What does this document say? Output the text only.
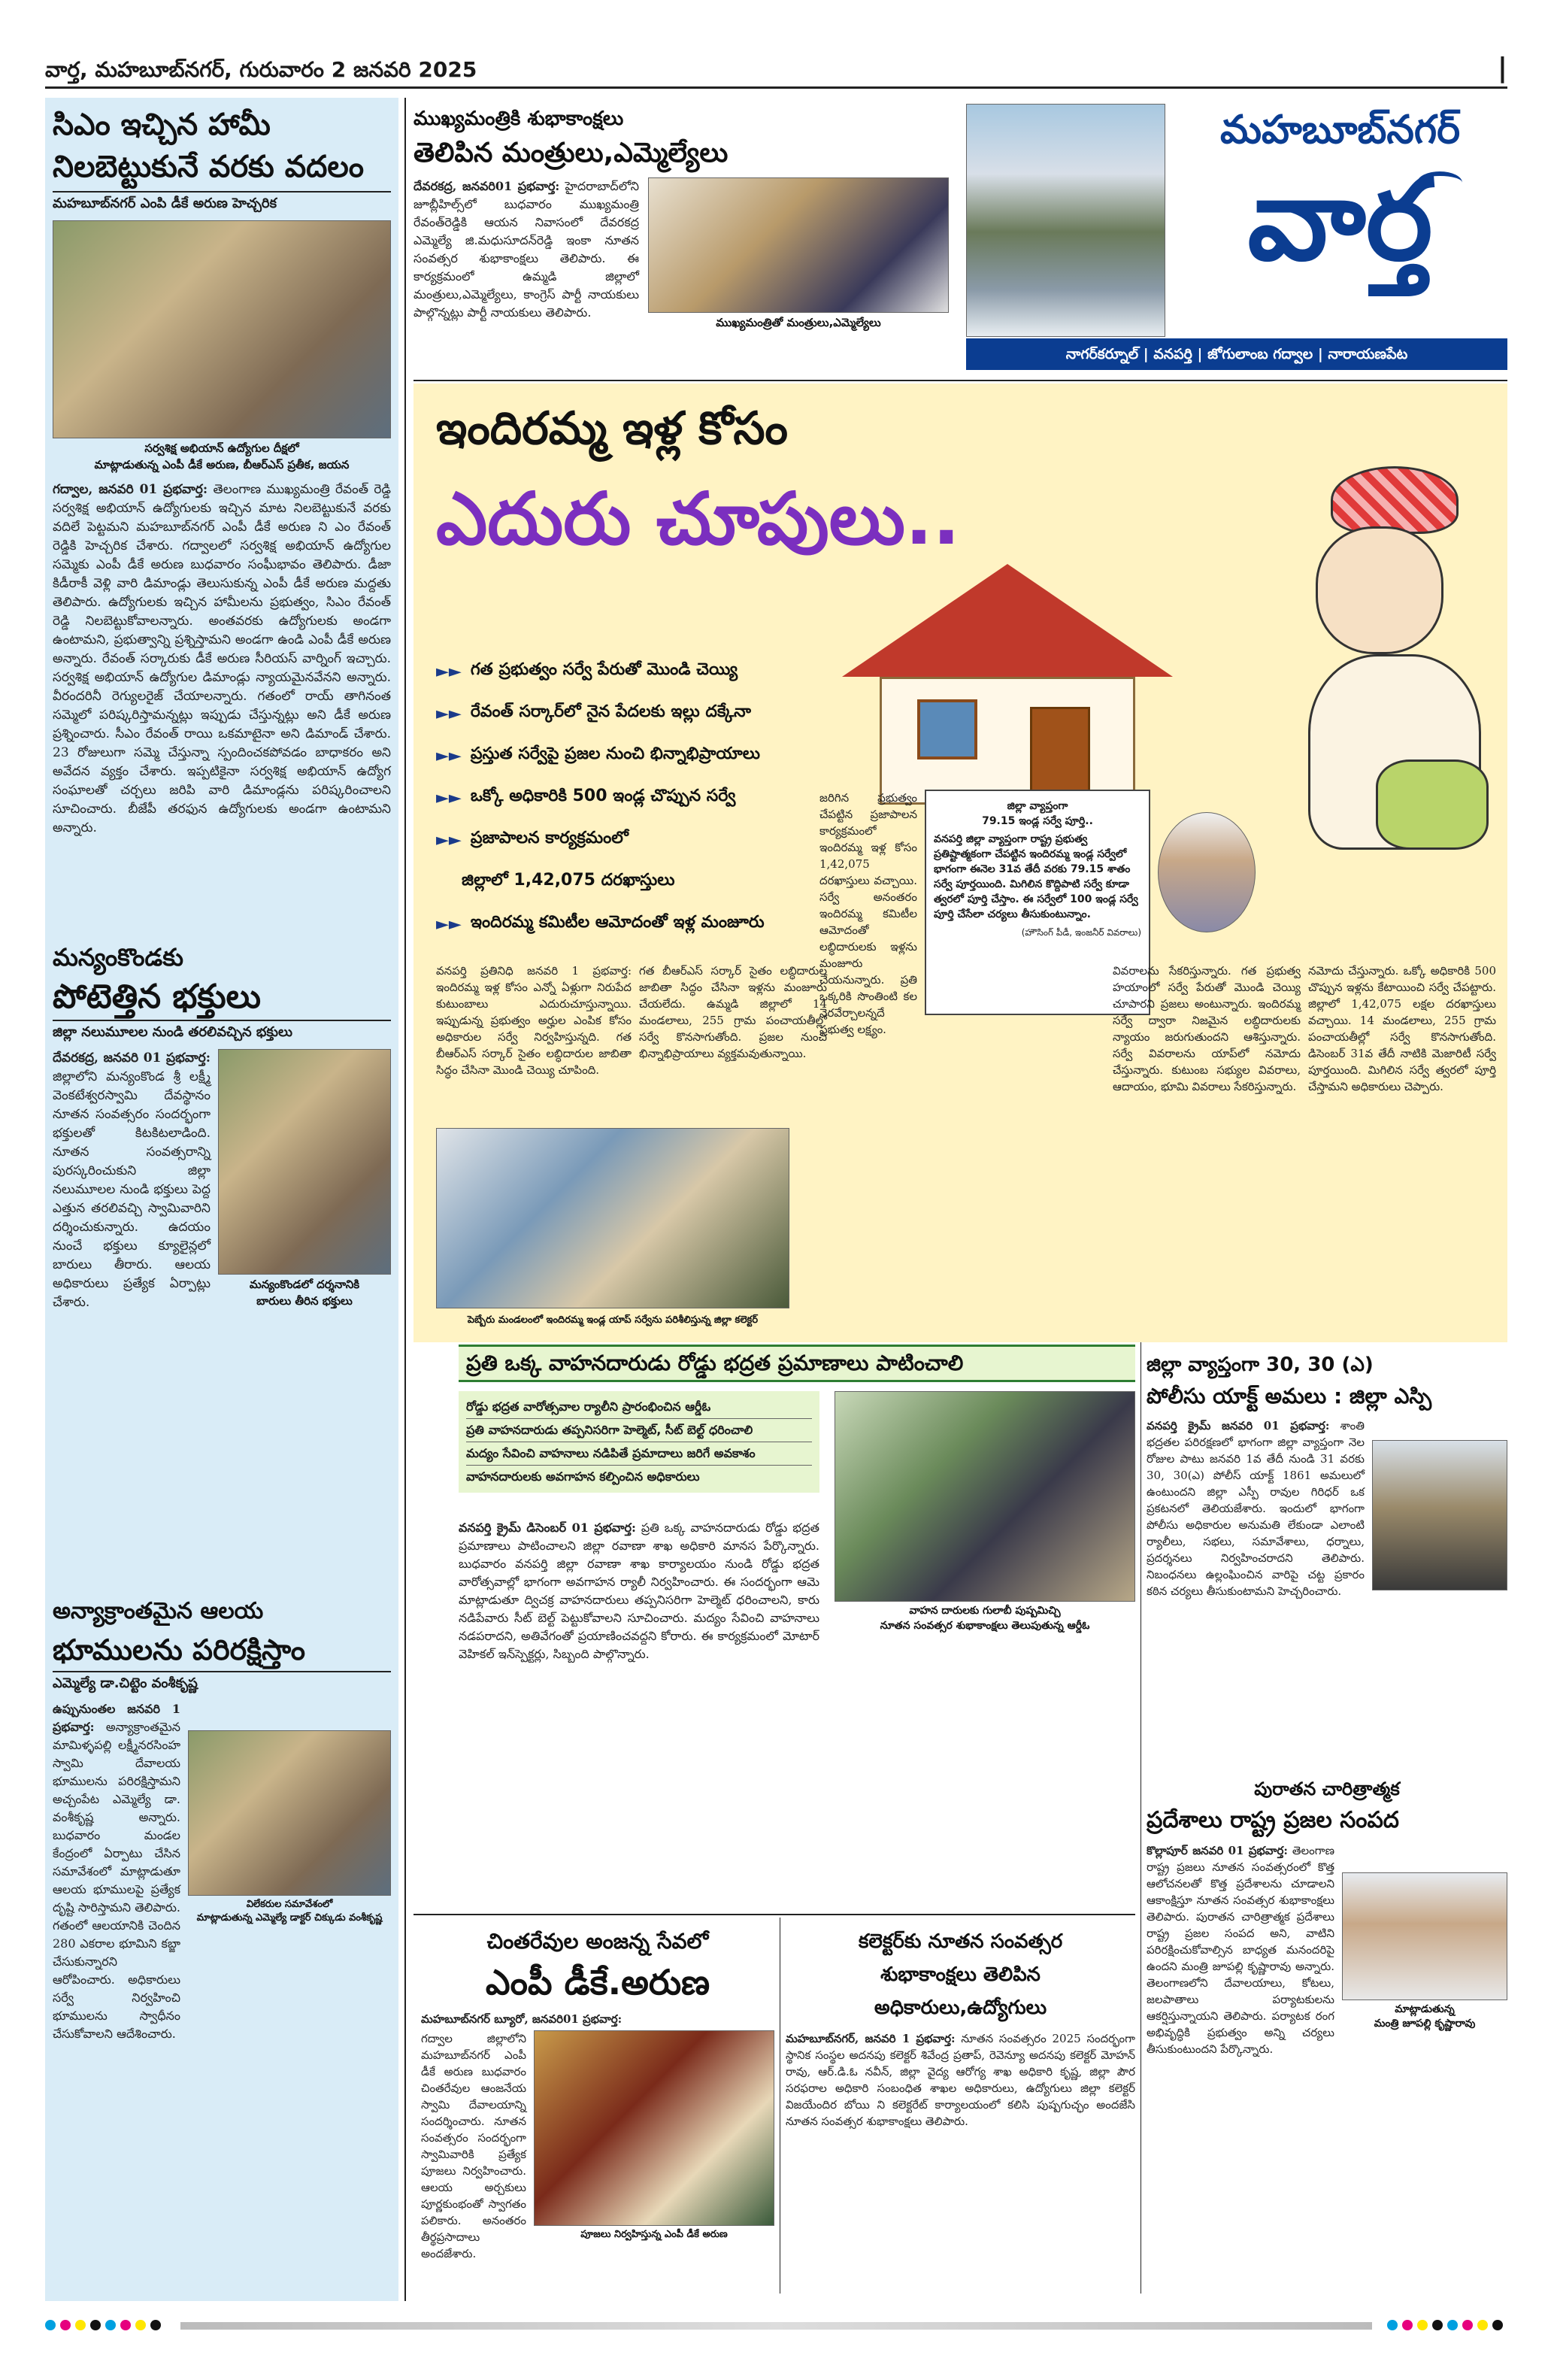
వార్త, మహబూబ్‌నగర్, గురువారం 2 జనవరి 2025	|
సిఎం ఇచ్చిన హామీ
నిలబెట్టుకునే వరకు వదలం
మహబూబ్‌నగర్ ఎంపి డీకే అరుణ హెచ్చరిక
సర్వశిక్ష అభియాన్ ఉద్యోగుల దీక్షలో
మాట్లాడుతున్న ఎంపీ డీకే అరుణ, బీఆర్‌ఎస్ ప్రతీక, జయన
గద్వాల, జనవరి 01 ప్రభవార్త: తెలంగాణ ముఖ్యమంత్రి రేవంత్ రెడ్డి సర్వశిక్ష అభియాన్ ఉద్యోగులకు ఇచ్చిన మాట నిలబెట్టుకునే వరకు వదిలే పెట్టమని మహబూబ్‌నగర్ ఎంపీ డీకే అరుణ ని ఎం రేవంత్ రెడ్డికి హెచ్చరిక చేశారు. గద్వాలలో సర్వశిక్ష అభియాన్ ఉద్యోగుల సమ్మెకు ఎంపీ డీకే అరుణ బుధవారం సంఘీభావం తెలిపారు. డీజా కిడీరాకీ వెళ్లి వారి డిమాండ్లు తెలుసుకున్న ఎంపీ డీకే అరుణ మద్దతు తెలిపారు. ఉద్యోగులకు ఇచ్చిన హామీలను ప్రభుత్వం, సిఎం రేవంత్ రెడ్డి నిలబెట్టుకోవాలన్నారు. అంతవరకు ఉద్యోగులకు అండగా ఉంటామని, ప్రభుత్వాన్ని ప్రశ్నిస్తామని అండగా ఉండి ఎంపీ డీకే అరుణ అన్నారు. రేవంత్ సర్కారుకు డీకే అరుణ సీరియస్ వార్నింగ్ ఇచ్చారు. సర్వశిక్ష అభియాన్ ఉద్యోగుల డిమాండ్లు న్యాయమైనవేనని అన్నారు. వీరందరినీ రెగ్యులరైజ్ చేయాలన్నారు. గతంలో రాయ్ తాగినంత సమ్మెలో పరిష్కరిస్తామన్నట్లు ఇప్పుడు చేస్తున్నట్లు అని డీకే అరుణ ప్రశ్నించారు. సీఎం రేవంత్ రాయి ఒకమాటైనా అని డిమాండ్ చేశారు. 23 రోజులుగా సమ్మె చేస్తున్నా స్పందించకపోవడం బాధాకరం అని అవేదన వ్యక్తం చేశారు. ఇప్పటికైనా సర్వశిక్ష అభియాన్ ఉద్యోగ సంఘాలతో చర్చలు జరిపి వారి డిమాండ్లను పరిష్కరించాలని సూచించారు. బీజేపీ తరఫున ఉద్యోగులకు అండగా ఉంటామని అన్నారు.
మన్యంకొండకు
పోటెత్తిన భక్తులు
జిల్లా నలుమూలల నుండి తరలివచ్చిన భక్తులు
దేవరకద్ర, జనవరి 01 ప్రభవార్త: జిల్లాలోని మన్యంకొండ శ్రీ లక్ష్మీ వెంకటేశ్వరస్వామి దేవస్థానం నూతన సంవత్సరం సందర్భంగా భక్తులతో కిటకిటలాడింది. నూతన సంవత్సరాన్ని పురస్కరించుకుని జిల్లా నలుమూలల నుండి భక్తులు పెద్ద ఎత్తున తరలివచ్చి స్వామివారిని దర్శించుకున్నారు. ఉదయం నుంచే భక్తులు క్యూలైన్లలో బారులు తీరారు. ఆలయ అధికారులు ప్రత్యేక ఏర్పాట్లు చేశారు.
మన్యంకొండలో దర్శనానికి
బారులు తీరిన భక్తులు
అన్యాక్రాంతమైన ఆలయ
భూములను పరిరక్షిస్తాం
ఎమ్మెల్యే డా.చిట్టెం వంశీకృష్ణ
ఉప్పునుంతల జనవరి 1 ప్రభవార్త: అన్యాక్రాంతమైన మామిళ్ళపల్లి లక్ష్మీనరసింహ స్వామి దేవాలయ భూములను పరిరక్షిస్తామని అచ్చంపేట ఎమ్మెల్యే డా. వంశీకృష్ణ అన్నారు. బుధవారం మండల కేంద్రంలో ఏర్పాటు చేసిన సమావేశంలో మాట్లాడుతూ ఆలయ భూములపై ప్రత్యేక దృష్టి సారిస్తామని తెలిపారు. గతంలో ఆలయానికి చెందిన 280 ఎకరాల భూమిని కబ్జా చేసుకున్నారని ఆరోపించారు. అధికారులు సర్వే నిర్వహించి భూములను స్వాధీనం చేసుకోవాలని ఆదేశించారు.
విలేకరుల సమావేశంలో
మాట్లాడుతున్న ఎమ్మెల్యే డాక్టర్ చిక్కుడు వంశీకృష్ణ
ముఖ్యమంత్రికి శుభాకాంక్షలు
తెలిపిన మంత్రులు,ఎమ్మెల్యేలు
దేవరకద్ర, జనవరి01 ప్రభవార్త: హైదరాబాద్‌లోని జూబ్లీహిల్స్‌లో బుధవారం ముఖ్యమంత్రి రేవంత్‌రెడ్డికి ఆయన నివాసంలో దేవరకద్ర ఎమ్మెల్యే జి.మధుసూదన్‌రెడ్డి ఇంకా నూతన సంవత్సర శుభాకాంక్షలు తెలిపారు. ఈ కార్యక్రమంలో ఉమ్మడి జిల్లాలో మంత్రులు,ఎమ్మెల్యేలు, కాంగ్రెస్ పార్టీ నాయకులు పాల్గొన్నట్లు పార్టీ నాయకులు తెలిపారు.
ముఖ్యమంత్రితో మంత్రులు,ఎమ్మెల్యేలు
మహబూబ్‌నగర్
వార్త
నాగర్‌కర్నూల్ | వనపర్తి | జోగులాంబ గద్వాల | నారాయణపేట
ఇందిరమ్మ ఇళ్ల కోసం
ఎదురు చూపులు..
►► గత ప్రభుత్వం సర్వే పేరుతో మొండి చెయ్యి
►► రేవంత్ సర్కార్‌లో నైన పేదలకు ఇల్లు దక్కేనా
►► ప్రస్తుత సర్వేపై ప్రజల నుంచి భిన్నాభిప్రాయాలు
►► ఒక్కో అధికారికి 500 ఇండ్ల చొప్పున సర్వే
►► ప్రజాపాలన కార్యక్రమంలో
జిల్లాలో 1,42,075 దరఖాస్తులు
►► ఇందిరమ్మ కమిటీల ఆమోదంతో ఇళ్ల మంజూరు
జిల్లా వ్యాప్తంగా
79.15 ఇండ్ల సర్వే పూర్తి..
వనపర్తి జిల్లా వ్యాప్తంగా రాష్ట్ర ప్రభుత్వ ప్రతిష్టాత్మకంగా చేపట్టిన ఇందిరమ్మ ఇండ్ల సర్వేలో భాగంగా ఈనెల 31వ తేదీ వరకు 79.15 శాతం సర్వే పూర్తయింది. మిగిలిన కొద్దిపాటి సర్వే కూడా త్వరలో పూర్తి చేస్తాం. ఈ సర్వేలో 100 ఇండ్ల సర్వే పూర్తి చేసేలా చర్యలు తీసుకుంటున్నాం.
(హౌసింగ్ పీడీ, ఇంజనీర్ వివరాలు)
జరిగిన ప్రభుత్వం చేపట్టిన ప్రజాపాలన కార్యక్రమంలో ఇందిరమ్మ ఇళ్ల కోసం 1,42,075 దరఖాస్తులు వచ్చాయి. సర్వే అనంతరం ఇందిరమ్మ కమిటీల ఆమోదంతో లబ్ధిదారులకు ఇళ్లను మంజూరు చేయనున్నారు. ప్రతి ఒక్కరికి సొంతింటి కల నెరవేర్చాలన్నదే ప్రభుత్వ లక్ష్యం.
వనపర్తి ప్రతినిధి జనవరి 1 ప్రభవార్త: ఇందిరమ్మ ఇళ్ల కోసం ఎన్నో ఏళ్లుగా నిరుపేద కుటుంబాలు ఎదురుచూస్తున్నాయి. ఇప్పుడున్న ప్రభుత్వం అర్హుల ఎంపిక కోసం అధికారుల సర్వే నిర్వహిస్తున్నది. గత బీఆర్‌ఎస్ సర్కార్ సైతం లబ్ధిదారుల జాబితా సిద్ధం చేసినా మొండి చెయ్యి చూపింది.
గత బీఆర్‌ఎస్ సర్కార్ సైతం లబ్ధిదారుల జాబితా సిద్ధం చేసినా ఇళ్లను మంజూరు చేయలేదు. ఉమ్మడి జిల్లాలో 14 మండలాలు, 255 గ్రామ పంచాయతీల్లో సర్వే కొనసాగుతోంది. ప్రజల నుంచి భిన్నాభిప్రాయాలు వ్యక్తమవుతున్నాయి.
వివరాలను సేకరిస్తున్నారు. గత ప్రభుత్వ హయాంలో సర్వే పేరుతో మొండి చెయ్యి చూపారని ప్రజలు అంటున్నారు. ఇందిరమ్మ సర్వే ద్వారా నిజమైన లబ్ధిదారులకు న్యాయం జరుగుతుందని ఆశిస్తున్నారు. సర్వే వివరాలను యాప్‌లో నమోదు చేస్తున్నారు. కుటుంబ సభ్యుల వివరాలు, ఆదాయం, భూమి వివరాలు సేకరిస్తున్నారు.
నమోదు చేస్తున్నారు. ఒక్కో అధికారికి 500 చొప్పున ఇళ్లను కేటాయించి సర్వే చేపట్టారు. జిల్లాలో 1,42,075 లక్షల దరఖాస్తులు వచ్చాయి. 14 మండలాలు, 255 గ్రామ పంచాయతీల్లో సర్వే కొనసాగుతోంది. డిసెంబర్ 31వ తేదీ నాటికి మెజారిటీ సర్వే పూర్తయింది. మిగిలిన సర్వే త్వరలో పూర్తి చేస్తామని అధికారులు చెప్పారు.
పెబ్బేరు మండలంలో ఇందిరమ్మ ఇండ్ల యాప్ సర్వేను పరిశీలిస్తున్న జిల్లా కలెక్టర్
ప్రతి ఒక్క వాహనదారుడు రోడ్డు భద్రత ప్రమాణాలు పాటించాలి
రోడ్డు భద్రత వారోత్సవాల ర్యాలీని ప్రారంభించిన ఆర్డీఓ
ప్రతి వాహనదారుడు తప్పనిసరిగా హెల్మెట్, సీట్ బెల్ట్ ధరించాలి
మద్యం సేవించి వాహనాలు నడిపితే ప్రమాదాలు జరిగే అవకాశం
వాహనదారులకు అవగాహన కల్పించిన అధికారులు
వాహన దారులకు గులాబీ పుష్పమిచ్చి
నూతన సంవత్సర శుభాకాంక్షలు తెలుపుతున్న ఆర్డీఓ
వనపర్తి క్రైమ్ డిసెంబర్ 01 ప్రభవార్త: ప్రతి ఒక్క వాహనదారుడు రోడ్డు భద్రత ప్రమాణాలు పాటించాలని జిల్లా రవాణా శాఖ అధికారి మానస పేర్కొన్నారు. బుధవారం వనపర్తి జిల్లా రవాణా శాఖ కార్యాలయం నుండి రోడ్డు భద్రత వారోత్సవాల్లో భాగంగా అవగాహన ర్యాలీ నిర్వహించారు. ఈ సందర్భంగా ఆమె మాట్లాడుతూ ద్విచక్ర వాహనదారులు తప్పనిసరిగా హెల్మెట్ ధరించాలని, కారు నడిపేవారు సీట్ బెల్ట్ పెట్టుకోవాలని సూచించారు. మద్యం సేవించి వాహనాలు నడపరాదని, అతివేగంతో ప్రయాణించవద్దని కోరారు. ఈ కార్యక్రమంలో మోటార్ వెహికల్ ఇన్‌స్పెక్టర్లు, సిబ్బంది పాల్గొన్నారు.
జిల్లా వ్యాప్తంగా 30, 30 (ఎ)
పోలీసు యాక్ట్ అమలు : జిల్లా ఎస్పి
వనపర్తి క్రైమ్ జనవరి 01 ప్రభవార్త: శాంతి భద్రతల పరిరక్షణలో భాగంగా జిల్లా వ్యాప్తంగా నెల రోజుల పాటు జనవరి 1వ తేదీ నుండి 31 వరకు 30, 30(ఎ) పోలీస్ యాక్ట్ 1861 అమలులో ఉంటుందని జిల్లా ఎస్పీ రావుల గిరిధర్ ఒక ప్రకటనలో తెలియజేశారు. ఇందులో భాగంగా పోలీసు అధికారుల అనుమతి లేకుండా ఎలాంటి ర్యాలీలు, సభలు, సమావేశాలు, ధర్నాలు, ప్రదర్శనలు నిర్వహించరాదని తెలిపారు. నిబంధనలు ఉల్లంఘించిన వారిపై చట్ట ప్రకారం కఠిన చర్యలు తీసుకుంటామని హెచ్చరించారు.
పురాతన చారిత్రాత్మక
ప్రదేశాలు రాష్ట్ర ప్రజల సంపద
కొల్లాపూర్ జనవరి 01 ప్రభవార్త: తెలంగాణ రాష్ట్ర ప్రజలు నూతన సంవత్సరంలో కొత్త ఆలోచనలతో కొత్త ప్రదేశాలను చూడాలని ఆకాంక్షిస్తూ నూతన సంవత్సర శుభాకాంక్షలు తెలిపారు. పురాతన చారిత్రాత్మక ప్రదేశాలు రాష్ట్ర ప్రజల సంపద అని, వాటిని పరిరక్షించుకోవాల్సిన బాధ్యత మనందరిపై ఉందని మంత్రి జూపల్లి కృష్ణారావు అన్నారు. తెలంగాణలోని దేవాలయాలు, కోటలు, జలపాతాలు పర్యాటకులను ఆకర్షిస్తున్నాయని తెలిపారు. పర్యాటక రంగ అభివృద్ధికి ప్రభుత్వం అన్ని చర్యలు తీసుకుంటుందని పేర్కొన్నారు.
మాట్లాడుతున్న
మంత్రి జూపల్లి కృష్ణారావు
చింతరేవుల అంజన్న సేవలో
ఎంపీ డీకే.అరుణ
మహబూబ్‌నగర్ బ్యూరో, జనవరి01 ప్రభవార్త:
గద్వాల జిల్లాలోని మహబూబ్‌నగర్ ఎంపీ డీకే అరుణ బుధవారం చింతరేవుల ఆంజనేయ స్వామి దేవాలయాన్ని సందర్శించారు. నూతన సంవత్సరం సందర్భంగా స్వామివారికి ప్రత్యేక పూజలు నిర్వహించారు. ఆలయ అర్చకులు పూర్ణకుంభంతో స్వాగతం పలికారు. అనంతరం తీర్థప్రసాదాలు అందజేశారు.
పూజలు నిర్వహిస్తున్న ఎంపీ డీకే అరుణ
కలెక్టర్‌కు నూతన సంవత్సర
శుభాకాంక్షలు తెలిపిన
అధికారులు,ఉద్యోగులు
మహబూబ్‌నగర్, జనవరి 1 ప్రభవార్త: నూతన సంవత్సరం 2025 సందర్భంగా స్థానిక సంస్థల అదనపు కలెక్టర్ శివేంద్ర ప్రతాప్, రెవెన్యూ అదనపు కలెక్టర్ మోహన్ రావు, ఆర్.డి.ఓ నవీన్, జిల్లా వైద్య ఆరోగ్య శాఖ అధికారి కృష్ణ, జిల్లా పౌర సరఫరాల అధికారి సంబంధిత శాఖల అధికారులు, ఉద్యోగులు జిల్లా కలెక్టర్ విజయేందిర బోయి ని కలెక్టరేట్ కార్యాలయంలో కలిసి పుష్పగుచ్ఛం అందజేసి నూతన సంవత్సర శుభాకాంక్షలు తెలిపారు.
